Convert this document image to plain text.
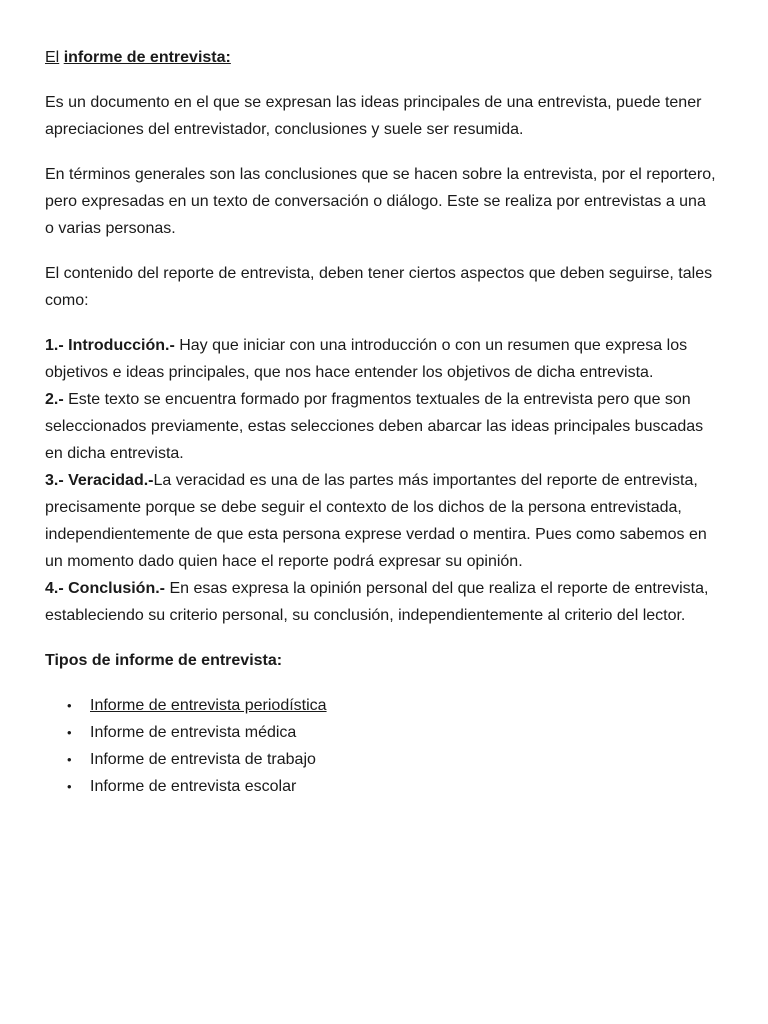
El informe de entrevista:
Es un documento en el que se expresan las ideas principales de una entrevista, puede tener
apreciaciones del entrevistador, conclusiones y suele ser resumida.
En términos generales son las conclusiones que se hacen sobre la entrevista, por el reportero,
pero expresadas en un texto de conversación o diálogo. Este se realiza por entrevistas a una
o varias personas.
El contenido del reporte de entrevista, deben tener ciertos aspectos que deben seguirse, tales
como:
1.- Introducción.- Hay que iniciar con una introducción o con un resumen que expresa los
objetivos e ideas principales, que nos hace entender los objetivos de dicha entrevista.
2.- Este texto se encuentra formado por fragmentos textuales de la entrevista pero que son
seleccionados previamente, estas selecciones deben abarcar las ideas principales buscadas
en dicha entrevista.
3.- Veracidad.-La veracidad es una de las partes más importantes del reporte de entrevista,
precisamente porque se debe seguir el contexto de los dichos de la persona entrevistada,
independientemente de que esta persona exprese verdad o mentira. Pues como sabemos en
un momento dado quien hace el reporte podrá expresar su opinión.
4.- Conclusión.- En esas expresa la opinión personal del que realiza el reporte de entrevista,
estableciendo su criterio personal, su conclusión, independientemente al criterio del lector.
Tipos de informe de entrevista:
• Informe de entrevista periodística
• Informe de entrevista médica
• Informe de entrevista de trabajo
• Informe de entrevista escolar
